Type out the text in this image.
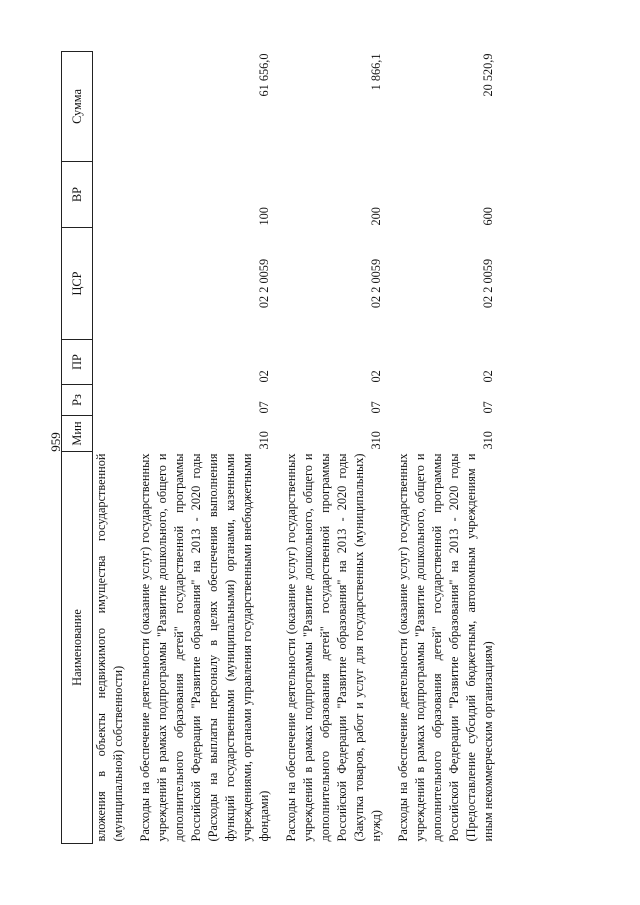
959
Наименование	Мин	Рз	ПР	ЦСР	ВР	Сумма
вложения в объекты недвижимого имущества государственной (муниципальной) собственности)						

Расходы на обеспечение деятельности (оказание услуг) государственных учреждений в рамках подпрограммы "Развитие дошкольного, общего и дополнительного образования детей" государственной программы Российской Федерации "Развитие образования" на 2013 - 2020 годы (Расходы на выплаты персоналу в целях обеспечения выполнения функций государственными (муниципальными) органами, казенными учреждениями, органами управления государственными внебюджетными фондами)	310	07	02	02 2 0059	100	61 656,0

Расходы на обеспечение деятельности (оказание услуг) государственных учреждений в рамках подпрограммы "Развитие дошкольного, общего и дополнительного образования детей" государственной программы Российской Федерации "Развитие образования" на 2013 - 2020 годы (Закупка товаров, работ и услуг для государственных (муниципальных) нужд)	310	07	02	02 2 0059	200	1 866,1

Расходы на обеспечение деятельности (оказание услуг) государственных учреждений в рамках подпрограммы "Развитие дошкольного, общего и дополнительного образования детей" государственной программы Российской Федерации "Развитие образования" на 2013 - 2020 годы (Предоставление субсидий бюджетным, автономным учреждениям и иным некоммерческим организациям)	310	07	02	02 2 0059	600	20 520,9
